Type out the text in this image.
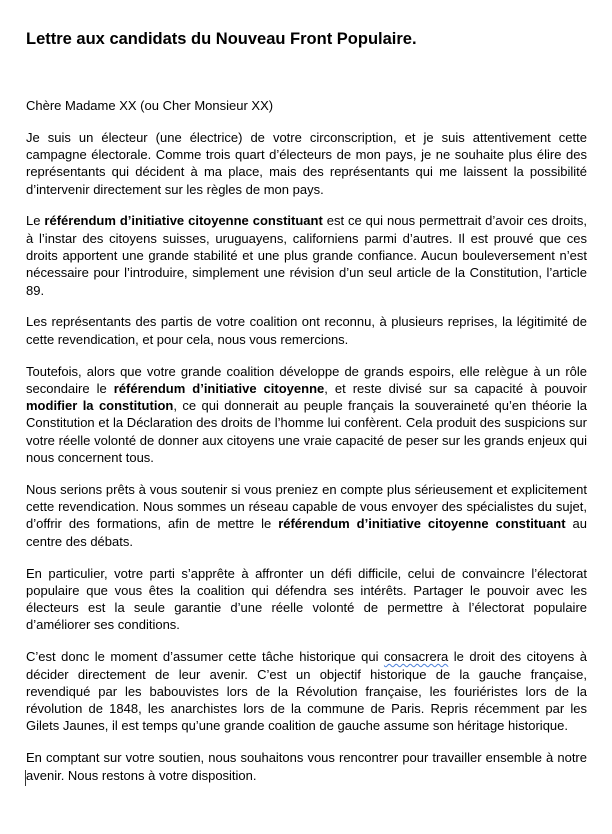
Lettre aux candidats du Nouveau Front Populaire.

Chère Madame XX (ou Cher Monsieur XX)

Je suis un électeur (une électrice) de votre circonscription, et je suis attentivement cette campagne électorale. Comme trois quart d’électeurs de mon pays, je ne souhaite plus élire des représentants qui décident à ma place, mais des représentants qui me laissent la possibilité d’intervenir directement sur les règles de mon pays.

Le référendum d’initiative citoyenne constituant est ce qui nous permettrait d’avoir ces droits, à l’instar des citoyens suisses, uruguayens, californiens parmi d’autres. Il est prouvé que ces droits apportent une grande stabilité et une plus grande confiance. Aucun bouleversement n’est nécessaire pour l’introduire, simplement une révision d’un seul article de la Constitution, l’article 89.

Les représentants des partis de votre coalition ont reconnu, à plusieurs reprises, la légitimité de cette revendication, et pour cela, nous vous remercions.

Toutefois, alors que votre grande coalition développe de grands espoirs, elle relègue à un rôle secondaire le référendum d’initiative citoyenne, et reste divisé sur sa capacité à pouvoir modifier la constitution, ce qui donnerait au peuple français la souveraineté qu’en théorie la Constitution et la Déclaration des droits de l’homme lui confèrent. Cela produit des suspicions sur votre réelle volonté de donner aux citoyens une vraie capacité de peser sur les grands enjeux qui nous concernent tous.

Nous serions prêts à vous soutenir si vous preniez en compte plus sérieusement et explicitement cette revendication. Nous sommes un réseau capable de vous envoyer des spécialistes du sujet, d’offrir des formations, afin de mettre le référendum d’initiative citoyenne constituant au centre des débats.

En particulier, votre parti s’apprête à affronter un défi difficile, celui de convaincre l’électorat populaire que vous êtes la coalition qui défendra ses intérêts. Partager le pouvoir avec les électeurs est la seule garantie d’une réelle volonté de permettre à l’électorat populaire d’améliorer ses conditions.

C’est donc le moment d’assumer cette tâche historique qui consacrera le droit des citoyens à décider directement de leur avenir. C’est un objectif historique de la gauche française, revendiqué par les babouvistes lors de la Révolution française, les fouriéristes lors de la révolution de 1848, les anarchistes lors de la commune de Paris. Repris récemment par les Gilets Jaunes, il est temps qu’une grande coalition de gauche assume son héritage historique.

En comptant sur votre soutien, nous souhaitons vous rencontrer pour travailler ensemble à notre avenir. Nous restons à votre disposition.
